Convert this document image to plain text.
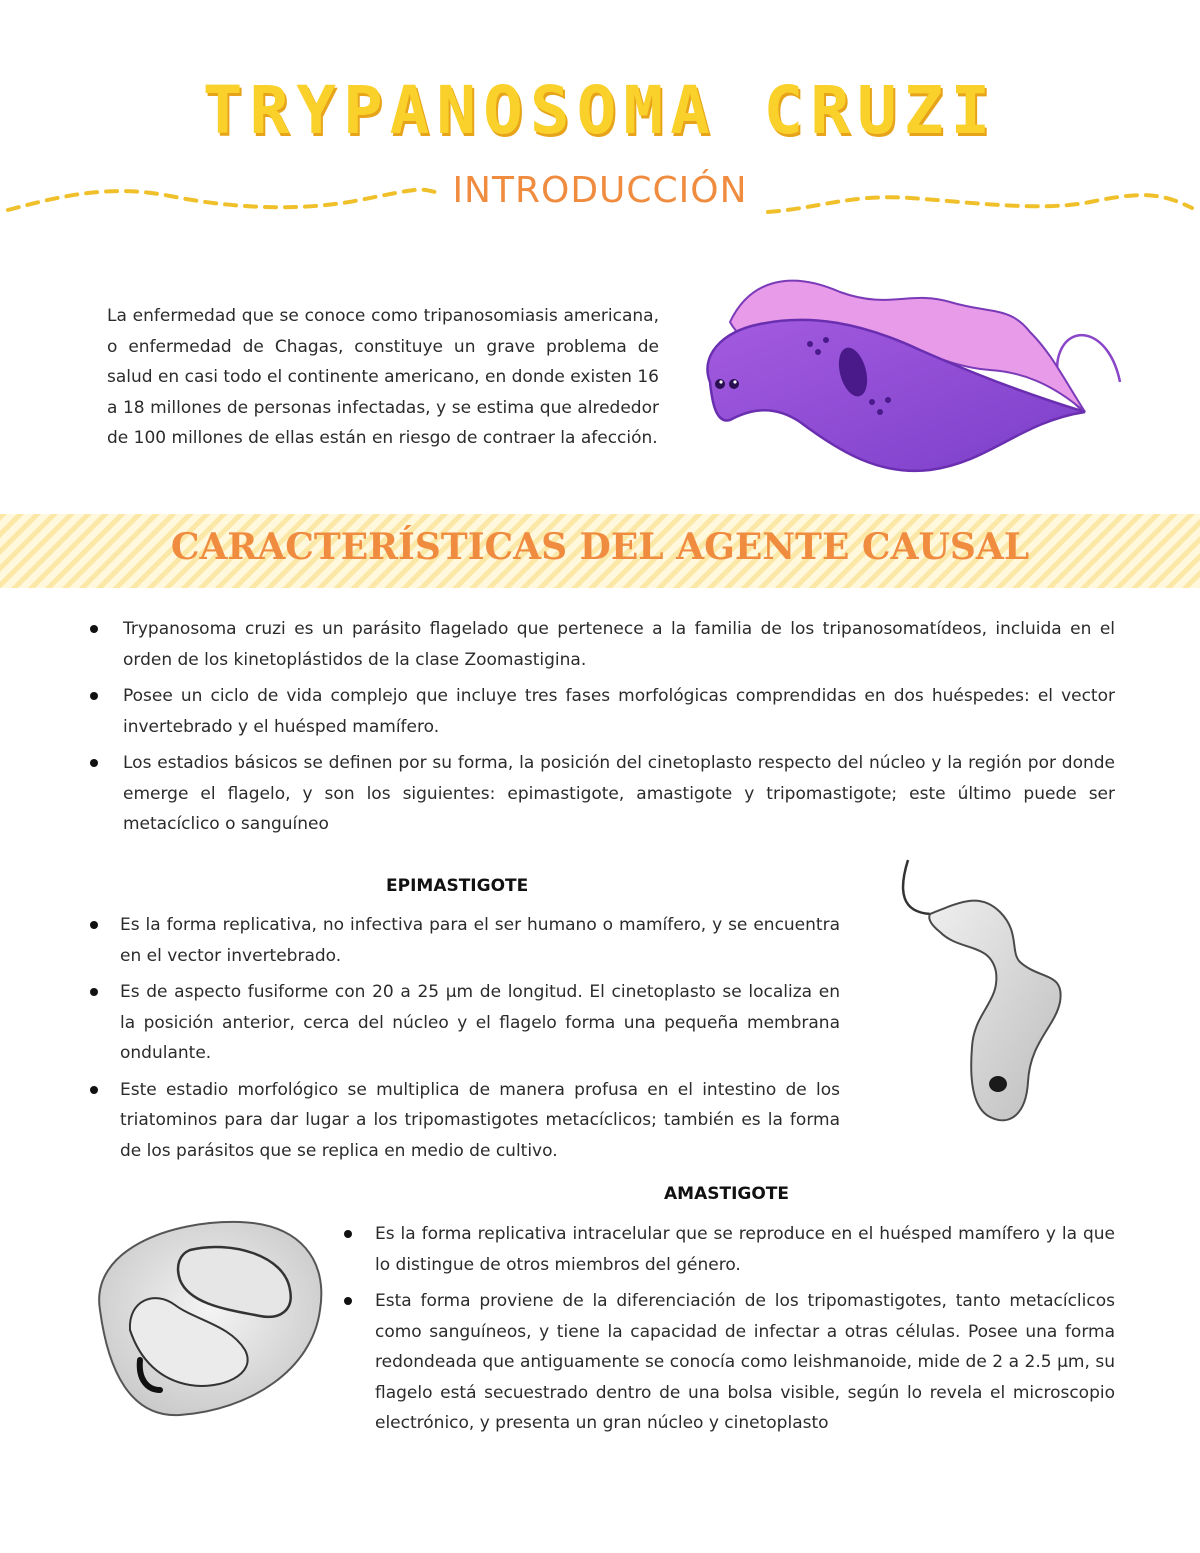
TRYPANOSOMA CRUZI
INTRODUCCIÓN

La enfermedad que se conoce como tripanosomiasis americana, o enfermedad de Chagas, constituye un grave problema de salud en casi todo el continente americano, en donde existen 16 a 18 millones de personas infectadas, y se estima que alrededor de 100 millones de ellas están en riesgo de contraer la afección.

CARACTERÍSTICAS DEL AGENTE CAUSAL
Trypanosoma cruzi es un parásito flagelado que pertenece a la familia de los tripanosomatídeos, incluida en el orden de los kinetoplástidos de la clase Zoomastigina.
Posee un ciclo de vida complejo que incluye tres fases morfológicas comprendidas en dos huéspedes: el vector invertebrado y el huésped mamífero.
Los estadios básicos se definen por su forma, la posición del cinetoplasto respecto del núcleo y la región por donde emerge el flagelo, y son los siguientes: epimastigote, amastigote y tripomastigote; este último puede ser metacíclico o sanguíneo

EPIMASTIGOTE

Es la forma replicativa, no infectiva para el ser humano o mamífero, y se encuentra en el vector invertebrado.
Es de aspecto fusiforme con 20 a 25 µm de longitud. El cinetoplasto se localiza en la posición anterior, cerca del núcleo y el flagelo forma una pequeña membrana ondulante.
Este estadio morfológico se multiplica de manera profusa en el intestino de los triatominos para dar lugar a los tripomastigotes metacíclicos; también es la forma de los parásitos que se replica en medio de cultivo.

AMASTIGOTE

Es la forma replicativa intracelular que se reproduce en el huésped mamífero y la que lo distingue de otros miembros del género.
Esta forma proviene de la diferenciación de los tripomastigotes, tanto metacíclicos como sanguíneos, y tiene la capacidad de infectar a otras células. Posee una forma redondeada que antiguamente se conocía como leishmanoide, mide de 2 a 2.5 µm, su flagelo está secuestrado dentro de una bolsa visible, según lo revela el microscopio electrónico, y presenta un gran núcleo y cinetoplasto
